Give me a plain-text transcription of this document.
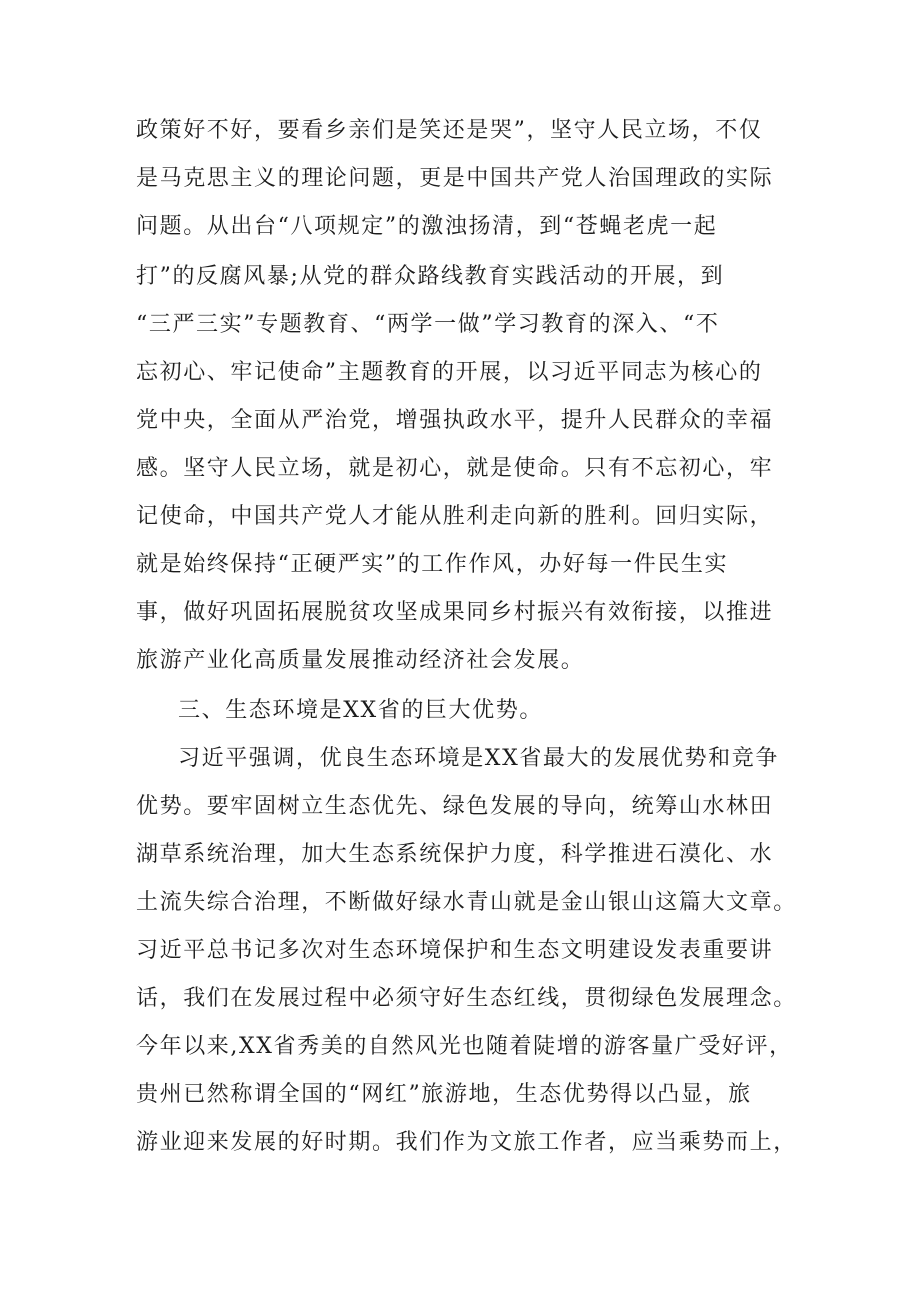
政策好不好，要看乡亲们是笑还是哭”，坚守人民立场，不仅
是马克思主义的理论问题，更是中国共产党人治国理政的实际
问题。从出台“八项规定”的激浊扬清，到“苍蝇老虎一起
打”的反腐风暴;从党的群众路线教育实践活动的开展，到
“三严三实”专题教育、“两学一做”学习教育的深入、“不
忘初心、牢记使命”主题教育的开展，以习近平同志为核心的
党中央，全面从严治党，增强执政水平，提升人民群众的幸福
感。坚守人民立场，就是初心，就是使命。只有不忘初心，牢
记使命，中国共产党人才能从胜利走向新的胜利。回归实际，
就是始终保持“正硬严实”的工作作风，办好每一件民生实
事，做好巩固拓展脱贫攻坚成果同乡村振兴有效衔接，以推进
旅游产业化高质量发展推动经济社会发展。
三、生态环境是XX省的巨大优势。
习近平强调，优良生态环境是XX省最大的发展优势和竞争
优势。要牢固树立生态优先、绿色发展的导向，统筹山水林田
湖草系统治理，加大生态系统保护力度，科学推进石漠化、水
土流失综合治理，不断做好绿水青山就是金山银山这篇大文章。
习近平总书记多次对生态环境保护和生态文明建设发表重要讲
话，我们在发展过程中必须守好生态红线，贯彻绿色发展理念。
今年以来,XX省秀美的自然风光也随着陡增的游客量广受好评，
贵州已然称谓全国的“网红”旅游地，生态优势得以凸显，旅
游业迎来发展的好时期。我们作为文旅工作者，应当乘势而上，
